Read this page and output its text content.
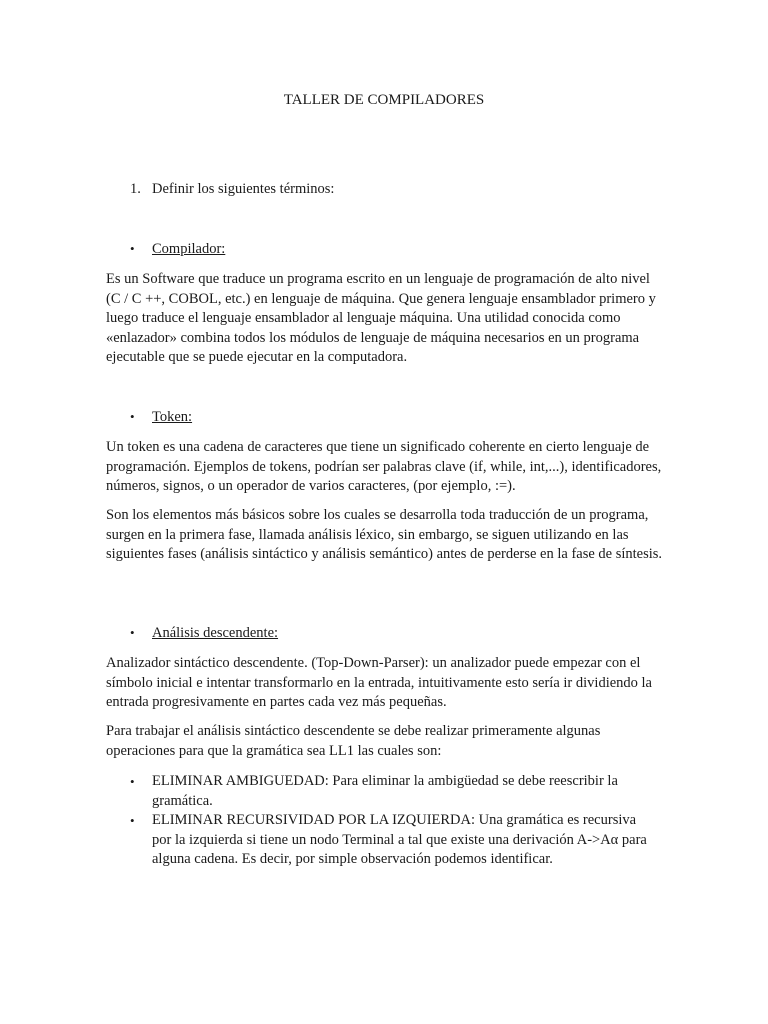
TALLER DE COMPILADORES
1. Definir los siguientes términos:
• Compilador:
Es un Software que traduce un programa escrito en un lenguaje de programación de alto nivel (C / C ++, COBOL, etc.) en lenguaje de máquina. Que genera lenguaje ensamblador primero y luego traduce el lenguaje ensamblador al lenguaje máquina. Una utilidad conocida como «enlazador» combina todos los módulos de lenguaje de máquina necesarios en un programa ejecutable que se puede ejecutar en la computadora.
• Token:
Un token es una cadena de caracteres que tiene un significado coherente en cierto lenguaje de programación. Ejemplos de tokens, podrían ser palabras clave (if, while, int,...), identificadores, números, signos, o un operador de varios caracteres, (por ejemplo, :=).
Son los elementos más básicos sobre los cuales se desarrolla toda traducción de un programa, surgen en la primera fase, llamada análisis léxico, sin embargo, se siguen utilizando en las siguientes fases (análisis sintáctico y análisis semántico) antes de perderse en la fase de síntesis.
• Análisis descendente:
Analizador sintáctico descendente. (Top-Down-Parser): un analizador puede empezar con el símbolo inicial e intentar transformarlo en la entrada, intuitivamente esto sería ir dividiendo la entrada progresivamente en partes cada vez más pequeñas.
Para trabajar el análisis sintáctico descendente se debe realizar primeramente algunas operaciones para que la gramática sea LL1 las cuales son:
• ELIMINAR AMBIGUEDAD: Para eliminar la ambigüedad se debe reescribir la gramática.
• ELIMINAR RECURSIVIDAD POR LA IZQUIERDA: Una gramática es recursiva por la izquierda si tiene un nodo Terminal a tal que existe una derivación A->Aα para alguna cadena. Es decir, por simple observación podemos identificar.
